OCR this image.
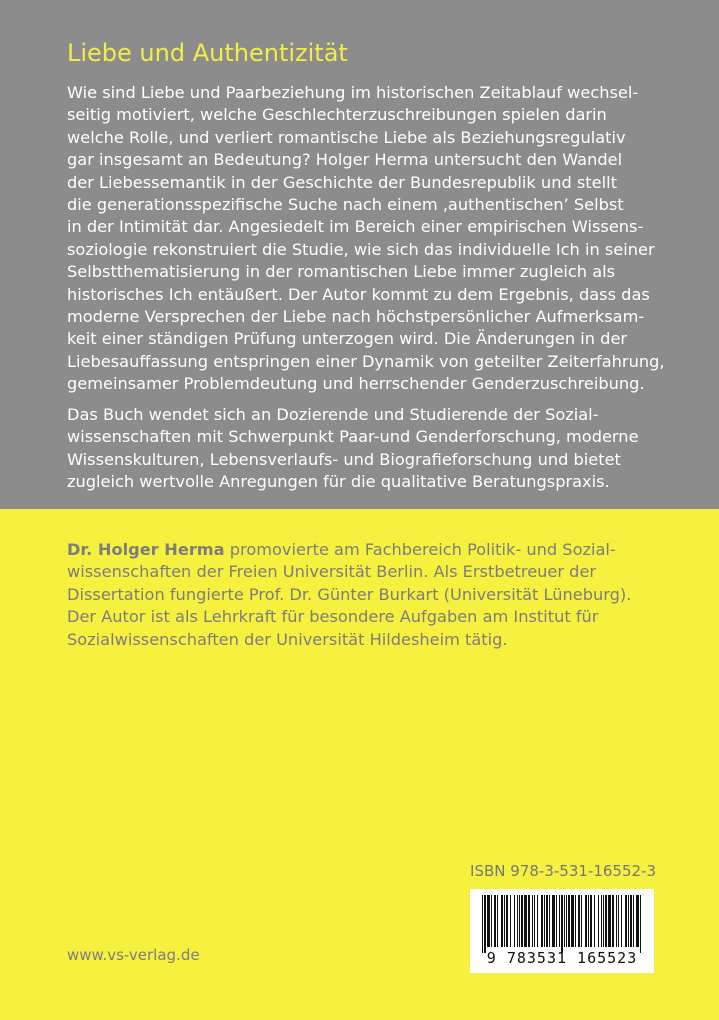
Liebe und Authentizität

Wie sind Liebe und Paarbeziehung im historischen Zeitablauf wechsel-
seitig motiviert, welche Geschlechterzuschreibungen spielen darin
welche Rolle, und verliert romantische Liebe als Beziehungsregulativ
gar insgesamt an Bedeutung? Holger Herma untersucht den Wandel
der Liebessemantik in der Geschichte der Bundesrepublik und stellt
die generationsspezifische Suche nach einem ‚authentischen’ Selbst
in der Intimität dar. Angesiedelt im Bereich einer empirischen Wissens-
soziologie rekonstruiert die Studie, wie sich das individuelle Ich in seiner
Selbstthematisierung in der romantischen Liebe immer zugleich als
historisches Ich entäußert. Der Autor kommt zu dem Ergebnis, dass das
moderne Versprechen der Liebe nach höchstpersönlicher Aufmerksam-
keit einer ständigen Prüfung unterzogen wird. Die Änderungen in der
Liebesauffassung entspringen einer Dynamik von geteilter Zeiterfahrung,
gemeinsamer Problemdeutung und herrschender Genderzuschreibung.

Das Buch wendet sich an Dozierende und Studierende der Sozial-
wissenschaften mit Schwerpunkt Paar-und Genderforschung, moderne
Wissenskulturen, Lebensverlaufs- und Biografieforschung und bietet
zugleich wertvolle Anregungen für die qualitative Beratungspraxis.

Dr. Holger Herma promovierte am Fachbereich Politik- und Sozial-
wissenschaften der Freien Universität Berlin. Als Erstbetreuer der
Dissertation fungierte Prof. Dr. Günter Burkart (Universität Lüneburg).
Der Autor ist als Lehrkraft für besondere Aufgaben am Institut für
Sozialwissenschaften der Universität Hildesheim tätig.

ISBN 978-3-531-16552-3
9 783531 165523
www.vs-verlag.de
